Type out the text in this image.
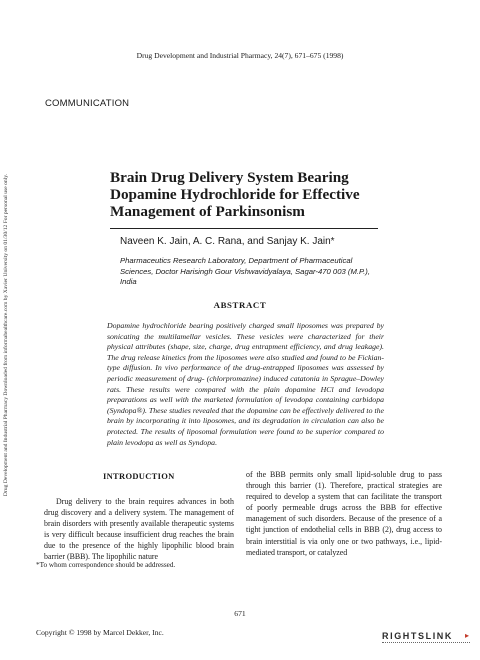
Drug Development and Industrial Pharmacy, 24(7), 671–675 (1998)
COMMUNICATION
Drug Development and Industrial Pharmacy Downloaded from informahealthcare.com by Xavier University on 01/30/12 For personal use only.	Brain Drug Delivery System Bearing Dopamine Hydrochloride for Effective Management of Parkinsonism
Naveen K. Jain, A. C. Rana, and Sanjay K. Jain*
Pharmaceutics Research Laboratory, Department of Pharmaceutical Sciences, Doctor Harisingh Gour Vishwavidyalaya, Sagar-470 003 (M.P.), India
ABSTRACT
Dopamine hydrochloride bearing positively charged small liposomes was prepared by sonicating the multilamellar vesicles. These vesicles were characterized for their physical attributes (shape, size, charge, drug entrapment efficiency, and drug leakage). The drug release kinetics from the liposomes were also studied and found to be Fickian-type diffusion. In vivo performance of the drug-entrapped liposomes was assessed by periodic measurement of drug- (chlorpromazine) induced catatonia in Sprague–Dowley rats. These results were compared with the plain dopamine HCl and levodopa preparations as well with the marketed formulation of levodopa containing carbidopa (Syndopa®). These studies revealed that the dopamine can be effectively delivered to the brain by incorporating it into liposomes, and its degradation in circulation can also be protected. The results of liposomal formulation were found to be superior compared to plain levodopa as well as Syndopa.
INTRODUCTION
Drug delivery to the brain requires advances in both drug discovery and a delivery system. The management of brain disorders with presently available therapeutic systems is very difficult because insufficient drug reaches the brain due to the presence of the highly lipophilic blood brain barrier (BBB). The lipophilic nature
of the BBB permits only small lipid-soluble drug to pass through this barrier (1). Therefore, practical strategies are required to develop a system that can facilitate the transport of poorly permeable drugs across the BBB for effective management of such disorders. Because of the presence of a tight junction of endothelial cells in BBB (2), drug access to brain interstitial is via only one or two pathways, i.e., lipid-mediated transport, or catalyzed
*To whom correspondence should be addressed.
671
Copyright © 1998 by Marcel Dekker, Inc.	RIGHTSLINK ▸
